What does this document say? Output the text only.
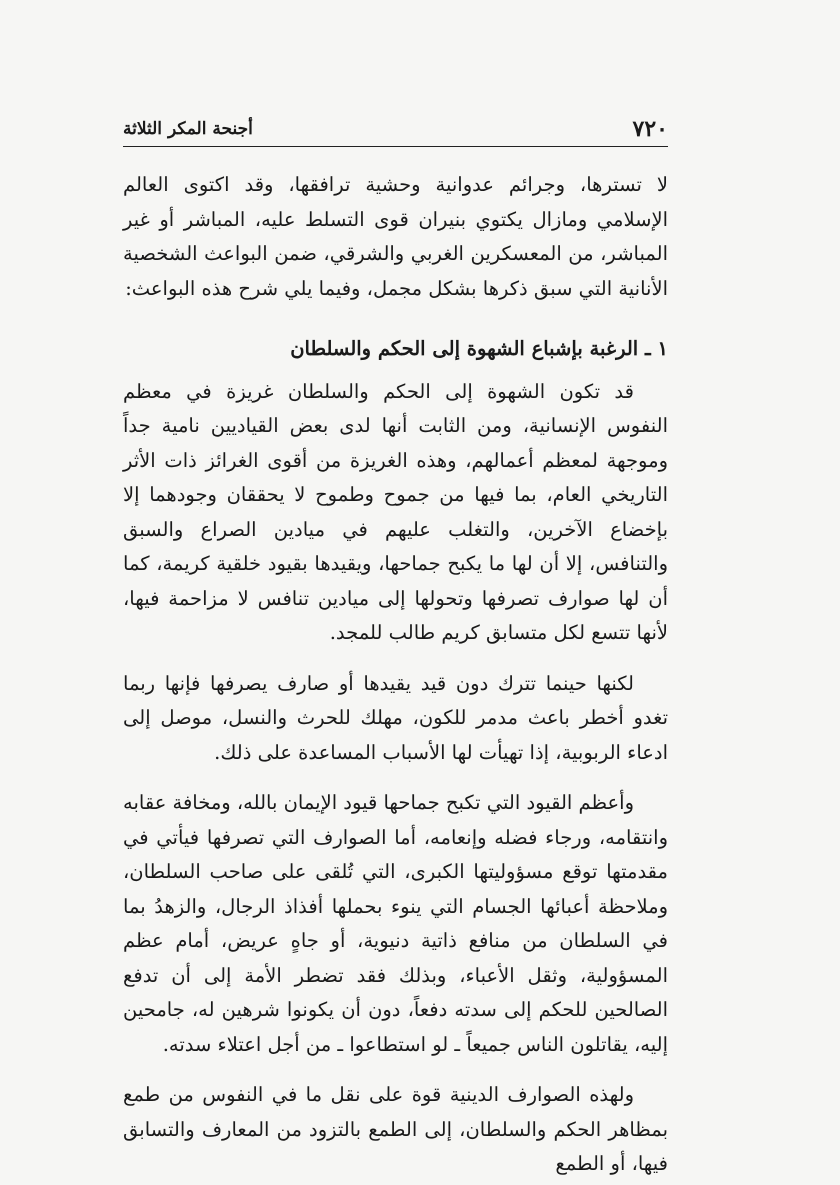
٧٢٠
أجنحة المكر الثلاثة

لا تسترها، وجرائم عدوانية وحشية ترافقها، وقد اكتوى العالم الإسلامي ومازال يكتوي بنيران قوى التسلط عليه، المباشر أو غير المباشر، من المعسكرين الغربي والشرقي، ضمن البواعث الشخصية الأنانية التي سبق ذكرها بشكل مجمل، وفيما يلي شرح هذه البواعث:

١ ـ الرغبة بإشباع الشهوة إلى الحكم والسلطان

قد تكون الشهوة إلى الحكم والسلطان غريزة في معظم النفوس الإنسانية، ومن الثابت أنها لدى بعض القياديين نامية جداً وموجهة لمعظم أعمالهم، وهذه الغريزة من أقوى الغرائز ذات الأثر التاريخي العام، بما فيها من جموح وطموح لا يحققان وجودهما إلا بإخضاع الآخرين، والتغلب عليهم في ميادين الصراع والسبق والتنافس، إلا أن لها ما يكبح جماحها، ويقيدها بقيود خلقية كريمة، كما أن لها صوارف تصرفها وتحولها إلى ميادين تنافس لا مزاحمة فيها، لأنها تتسع لكل متسابق كريم طالب للمجد.

لكنها حينما تترك دون قيد يقيدها أو صارف يصرفها فإنها ربما تغدو أخطر باعث مدمر للكون، مهلك للحرث والنسل، موصل إلى ادعاء الربوبية، إذا تهيأت لها الأسباب المساعدة على ذلك.

وأعظم القيود التي تكبح جماحها قيود الإيمان بالله، ومخافة عقابه وانتقامه، ورجاء فضله وإنعامه، أما الصوارف التي تصرفها فيأتي في مقدمتها توقع مسؤوليتها الكبرى، التي تُلقى على صاحب السلطان، وملاحظة أعبائها الجسام التي ينوء بحملها أفذاذ الرجال، والزهدُ بما في السلطان من منافع ذاتية دنيوية، أو جاهٍ عريض، أمام عظم المسؤولية، وثقل الأعباء، وبذلك فقد تضطر الأمة إلى أن تدفع الصالحين للحكم إلى سدته دفعاً، دون أن يكونوا شرهين له، جامحين إليه، يقاتلون الناس جميعاً ـ لو استطاعوا ـ من أجل اعتلاء سدته.

ولهذه الصوارف الدينية قوة على نقل ما في النفوس من طمع بمظاهر الحكم والسلطان، إلى الطمع بالتزود من المعارف والتسابق فيها، أو الطمع
